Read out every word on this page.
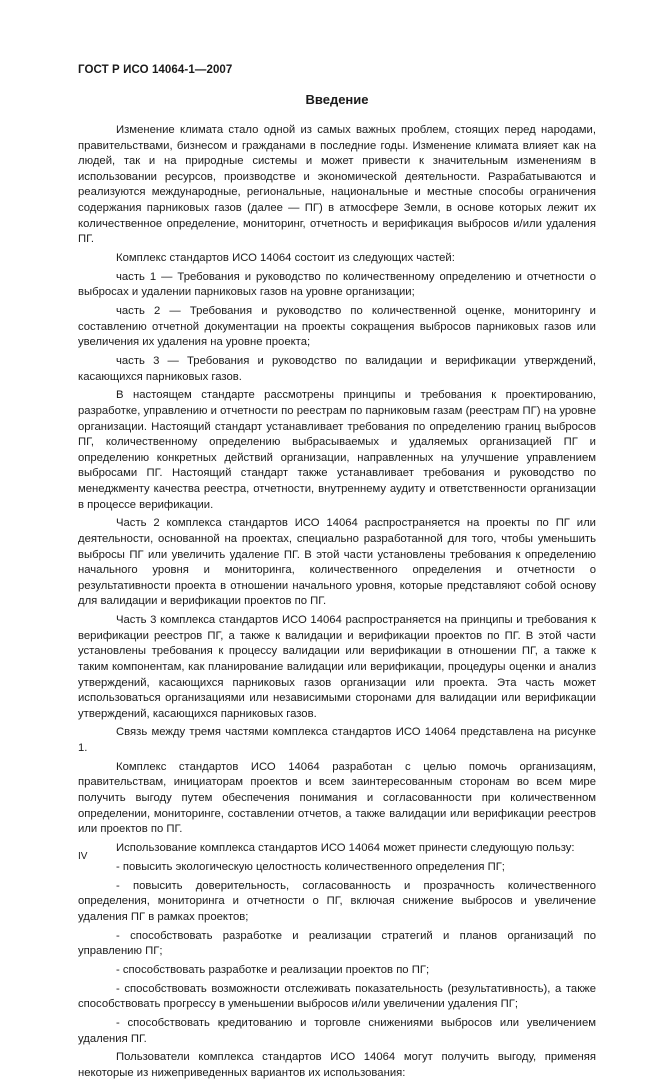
ГОСТ Р ИСО 14064-1—2007
Введение

Изменение климата стало одной из самых важных проблем, стоящих перед народами, правительствами, бизнесом и гражданами в последние годы. Изменение климата влияет как на людей, так и на природные системы и может привести к значительным изменениям в использовании ресурсов, производстве и экономической деятельности. Разрабатываются и реализуются международные, региональные, национальные и местные способы ограничения содержания парниковых газов (далее — ПГ) в атмосфере Земли, в основе которых лежит их количественное определение, мониторинг, отчетность и верификация выбросов и/или удаления ПГ.

Комплекс стандартов ИСО 14064 состоит из следующих частей:

часть 1 — Требования и руководство по количественному определению и отчетности о выбросах и удалении парниковых газов на уровне организации;

часть 2 — Требования и руководство по количественной оценке, мониторингу и составлению отчетной документации на проекты сокращения выбросов парниковых газов или увеличения их удаления на уровне проекта;

часть 3 — Требования и руководство по валидации и верификации утверждений, касающихся парниковых газов.

В настоящем стандарте рассмотрены принципы и требования к проектированию, разработке, управлению и отчетности по реестрам по парниковым газам (реестрам ПГ) на уровне организации. Настоящий стандарт устанавливает требования по определению границ выбросов ПГ, количественному определению выбрасываемых и удаляемых организацией ПГ и определению конкретных действий организации, направленных на улучшение управлением выбросами ПГ. Настоящий стандарт также устанавливает требования и руководство по менеджменту качества реестра, отчетности, внутреннему аудиту и ответственности организации в процессе верификации.

Часть 2 комплекса стандартов ИСО 14064 распространяется на проекты по ПГ или деятельности, основанной на проектах, специально разработанной для того, чтобы уменьшить выбросы ПГ или увеличить удаление ПГ. В этой части установлены требования к определению начального уровня и мониторинга, количественного определения и отчетности о результативности проекта в отношении начального уровня, которые представляют собой основу для валидации и верификации проектов по ПГ.

Часть 3 комплекса стандартов ИСО 14064 распространяется на принципы и требования к верификации реестров ПГ, а также к валидации и верификации проектов по ПГ. В этой части установлены требования к процессу валидации или верификации в отношении ПГ, а также к таким компонентам, как планирование валидации или верификации, процедуры оценки и анализ утверждений, касающихся парниковых газов организации или проекта. Эта часть может использоваться организациями или независимыми сторонами для валидации или верификации утверждений, касающихся парниковых газов.

Связь между тремя частями комплекса стандартов ИСО 14064 представлена на рисунке 1.

Комплекс стандартов ИСО 14064 разработан с целью помочь организациям, правительствам, инициаторам проектов и всем заинтересованным сторонам во всем мире получить выгоду путем обеспечения понимания и согласованности при количественном определении, мониторинге, составлении отчетов, а также валидации или верификации реестров или проектов по ПГ.

Использование комплекса стандартов ИСО 14064 может принести следующую пользу:

- повысить экологическую целостность количественного определения ПГ;

- повысить доверительность, согласованность и прозрачность количественного определения, мониторинга и отчетности о ПГ, включая снижение выбросов и увеличение удаления ПГ в рамках проектов;

- способствовать разработке и реализации стратегий и планов организаций по управлению ПГ;

- способствовать разработке и реализации проектов по ПГ;

- способствовать возможности отслеживать показательность (результативность), а также способствовать прогрессу в уменьшении выбросов и/или увеличении удаления ПГ;

- способствовать кредитованию и торговле снижениями выбросов или увеличением удаления ПГ.

Пользователи комплекса стандартов ИСО 14064 могут получить выгоду, применяя некоторые из нижеприведенных вариантов их использования:

IV
